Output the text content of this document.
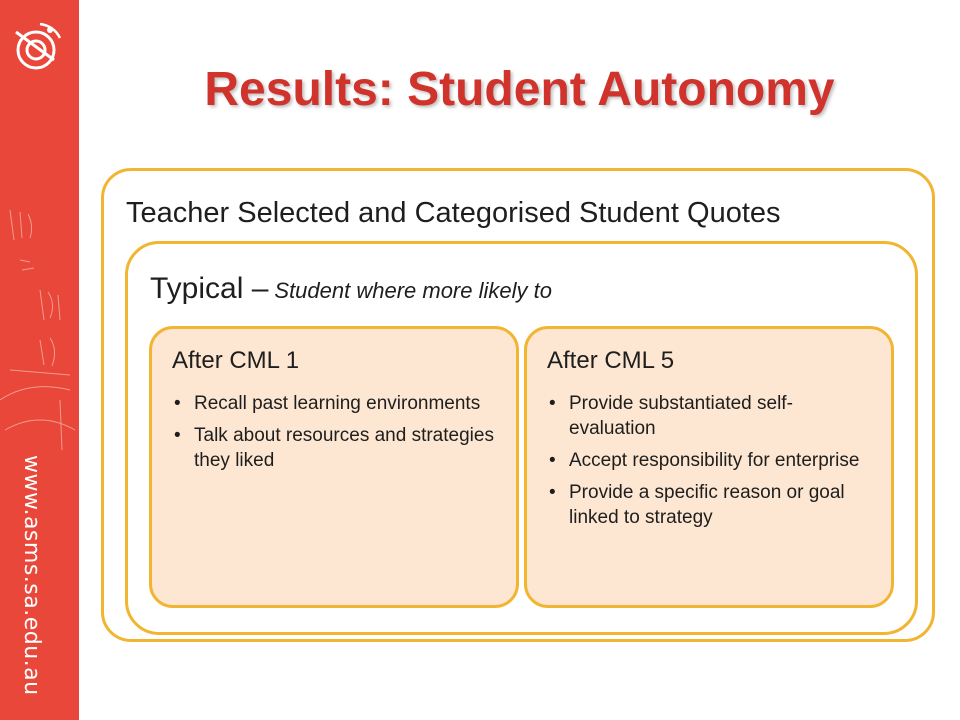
www.asms.sa.edu.au
Results: Student Autonomy
Teacher Selected and Categorised Student Quotes
Typical – Student where more likely to
After CML 1
• Recall past learning environments
• Talk about resources and strategies they liked
After CML 5
• Provide substantiated self-evaluation
• Accept responsibility for enterprise
• Provide a specific reason or goal linked to strategy
